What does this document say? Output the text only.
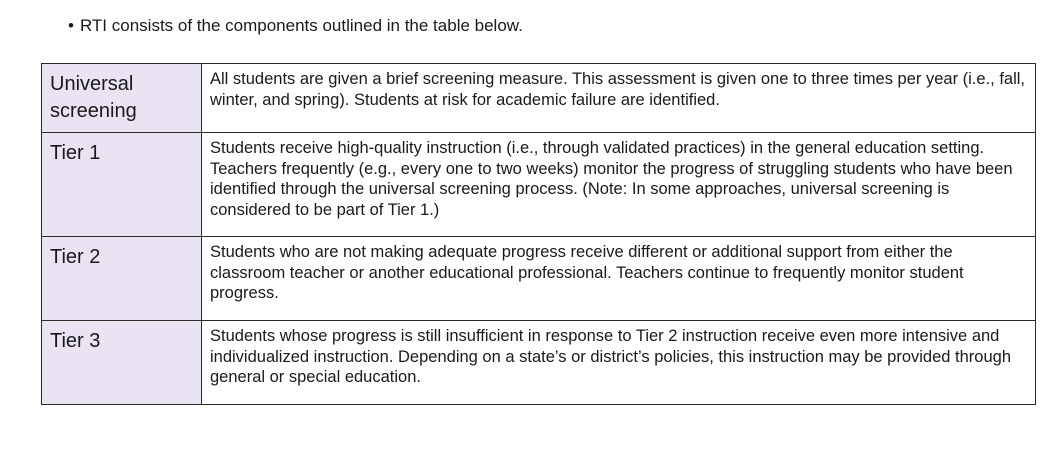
• RTI consists of the components outlined in the table below.
Universal screening	All students are given a brief screening measure. This assessment is given one to three times per year (i.e., fall, winter, and spring). Students at risk for academic failure are identified.
Tier 1	Students receive high-quality instruction (i.e., through validated practices) in the general education setting. Teachers frequently (e.g., every one to two weeks) monitor the progress of struggling students who have been identified through the universal screening process. (Note: In some approaches, universal screening is considered to be part of Tier 1.)
Tier 2	Students who are not making adequate progress receive different or additional support from either the classroom teacher or another educational professional. Teachers continue to frequently monitor student progress.
Tier 3	Students whose progress is still insufficient in response to Tier 2 instruction receive even more intensive and individualized instruction. Depending on a state’s or district’s policies, this instruction may be provided through general or special education.
